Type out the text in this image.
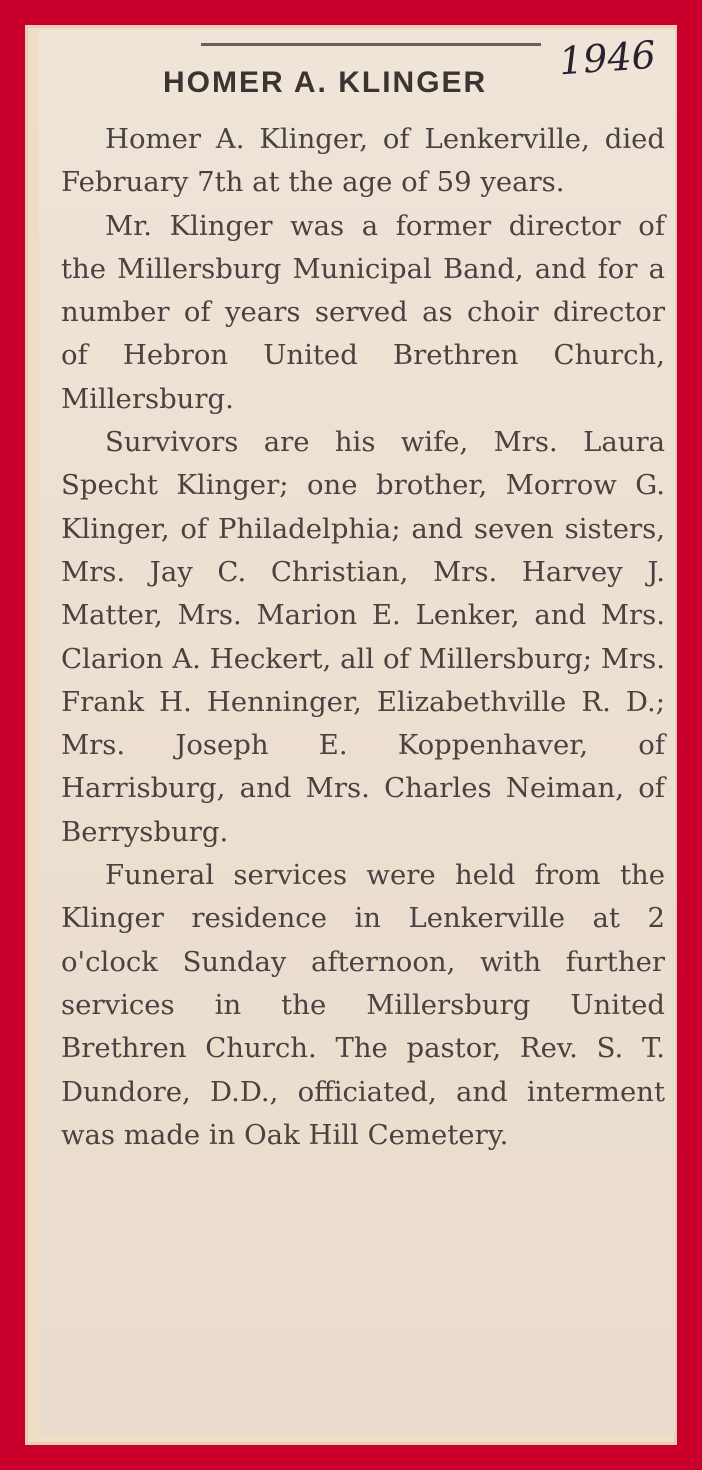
1946
HOMER A. KLINGER

Homer A. Klinger, of Lenkerville, died February 7th at the age of 59 years.

Mr. Klinger was a former director of the Millersburg Municipal Band, and for a number of years served as choir director of Hebron United Brethren Church, Millersburg.

Survivors are his wife, Mrs. Laura Specht Klinger; one brother, Morrow G. Klinger, of Philadelphia; and seven sisters, Mrs. Jay C. Christian, Mrs. Harvey J. Matter, Mrs. Marion E. Lenker, and Mrs. Clarion A. Heckert, all of Millersburg; Mrs. Frank H. Henninger, Elizabethville R. D.; Mrs. Joseph E. Koppenhaver, of Harrisburg, and Mrs. Charles Neiman, of Berrysburg.

Funeral services were held from the Klinger residence in Lenkerville at 2 o'clock Sunday afternoon, with further services in the Millersburg United Brethren Church. The pastor, Rev. S. T. Dundore, D.D., officiated, and interment was made in Oak Hill Cemetery.
